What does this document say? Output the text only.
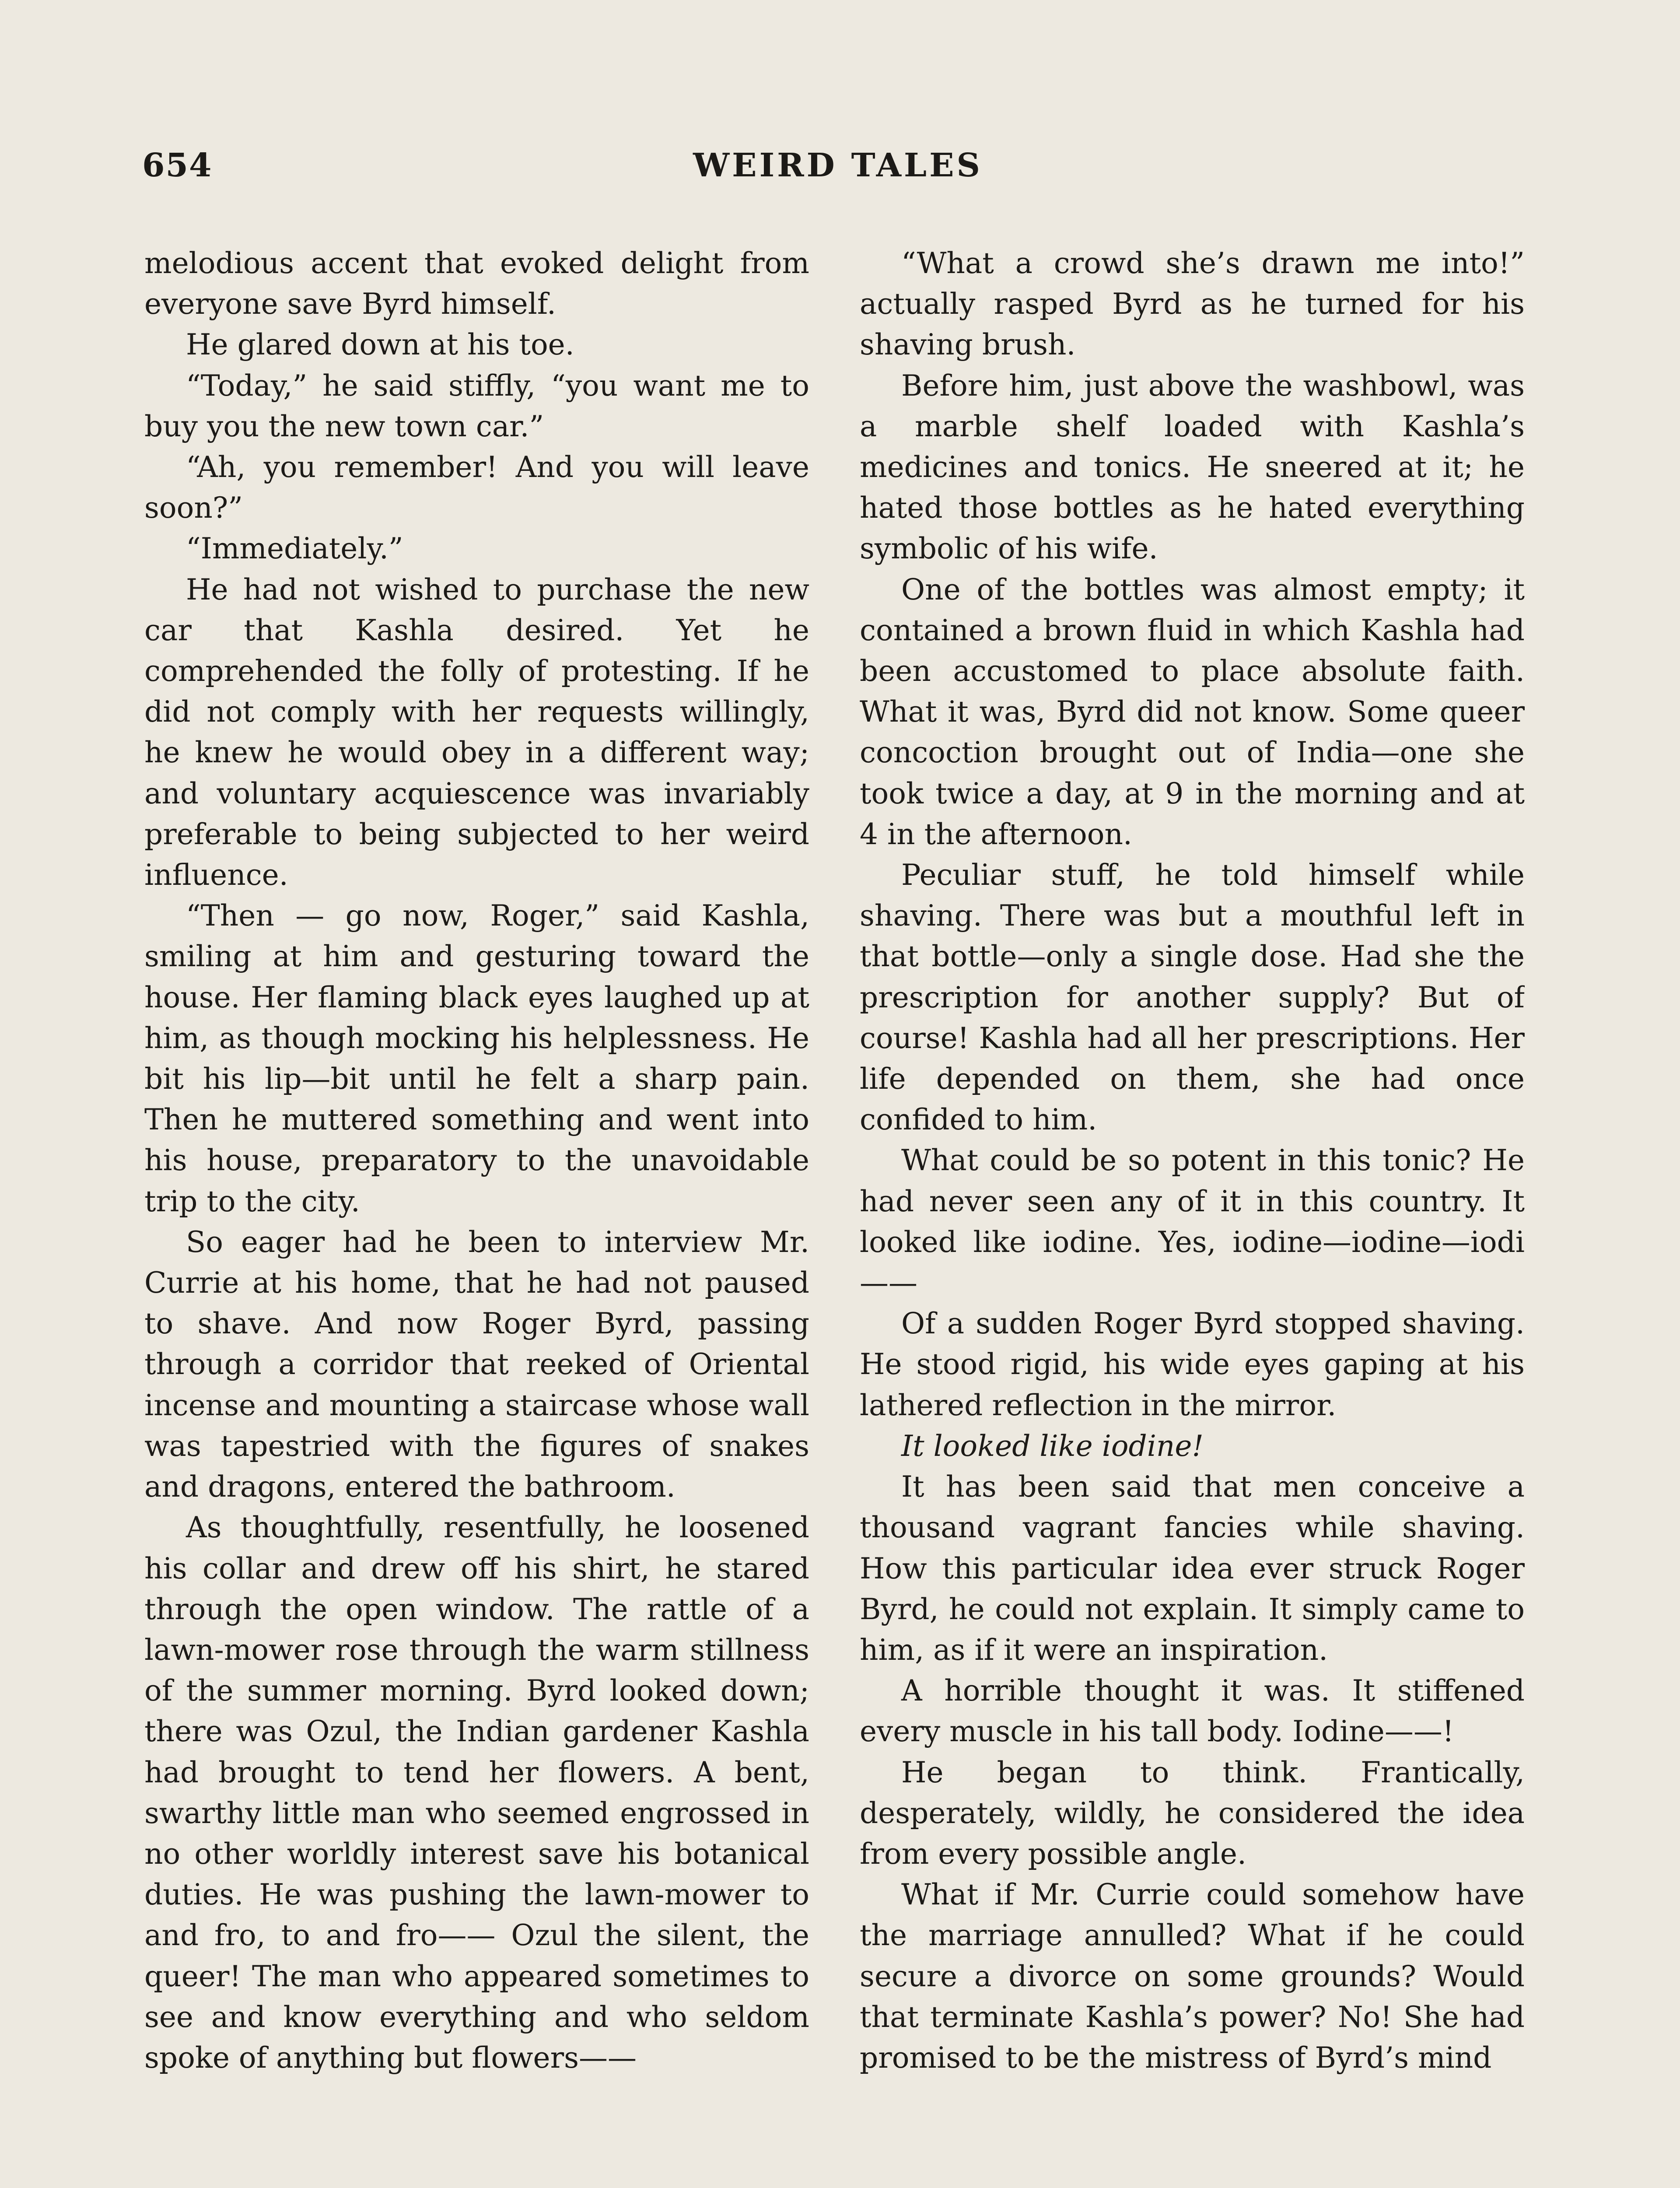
654	WEIRD TALES

melodious accent that evoked delight from everyone save Byrd himself.

He glared down at his toe.

“Today,” he said stiffly, “you want me to buy you the new town car.”

“Ah, you remember! And you will leave soon?”

“Immediately.”

He had not wished to purchase the new car that Kashla desired. Yet he comprehended the folly of protesting. If he did not comply with her requests willingly, he knew he would obey in a different way; and voluntary acquiescence was invariably preferable to being subjected to her weird influence.

“Then — go now, Roger,” said Kashla, smiling at him and gesturing toward the house. Her flaming black eyes laughed up at him, as though mocking his helplessness. He bit his lip—bit until he felt a sharp pain. Then he muttered something and went into his house, preparatory to the unavoidable trip to the city.

So eager had he been to interview Mr. Currie at his home, that he had not paused to shave. And now Roger Byrd, passing through a corridor that reeked of Oriental incense and mounting a staircase whose wall was tapestried with the figures of snakes and dragons, entered the bathroom.

As thoughtfully, resentfully, he loosened his collar and drew off his shirt, he stared through the open window. The rattle of a lawn-mower rose through the warm stillness of the summer morning. Byrd looked down; there was Ozul, the Indian gardener Kashla had brought to tend her flowers. A bent, swarthy little man who seemed engrossed in no other worldly interest save his botanical duties. He was pushing the lawn-mower to and fro, to and fro—— Ozul the silent, the queer! The man who appeared sometimes to see and know everything and who seldom spoke of anything but flowers——

“What a crowd she’s drawn me into!” actually rasped Byrd as he turned for his shaving brush.

Before him, just above the washbowl, was a marble shelf loaded with Kashla’s medicines and tonics. He sneered at it; he hated those bottles as he hated everything symbolic of his wife.

One of the bottles was almost empty; it contained a brown fluid in which Kashla had been accustomed to place absolute faith. What it was, Byrd did not know. Some queer concoction brought out of India—one she took twice a day, at 9 in the morning and at 4 in the afternoon.

Peculiar stuff, he told himself while shaving. There was but a mouthful left in that bottle—only a single dose. Had she the prescription for another supply? But of course! Kashla had all her prescriptions. Her life depended on them, she had once confided to him.

What could be so potent in this tonic? He had never seen any of it in this country. It looked like iodine. Yes, iodine—iodine—iodi——

Of a sudden Roger Byrd stopped shaving. He stood rigid, his wide eyes gaping at his lathered reflection in the mirror.

It looked like iodine!

It has been said that men conceive a thousand vagrant fancies while shaving. How this particular idea ever struck Roger Byrd, he could not explain. It simply came to him, as if it were an inspiration.

A horrible thought it was. It stiffened every muscle in his tall body. Iodine——!

He began to think. Frantically, desperately, wildly, he considered the idea from every possible angle.

What if Mr. Currie could somehow have the marriage annulled? What if he could secure a divorce on some grounds? Would that terminate Kashla’s power? No! She had promised to be the mistress of Byrd’s mind
